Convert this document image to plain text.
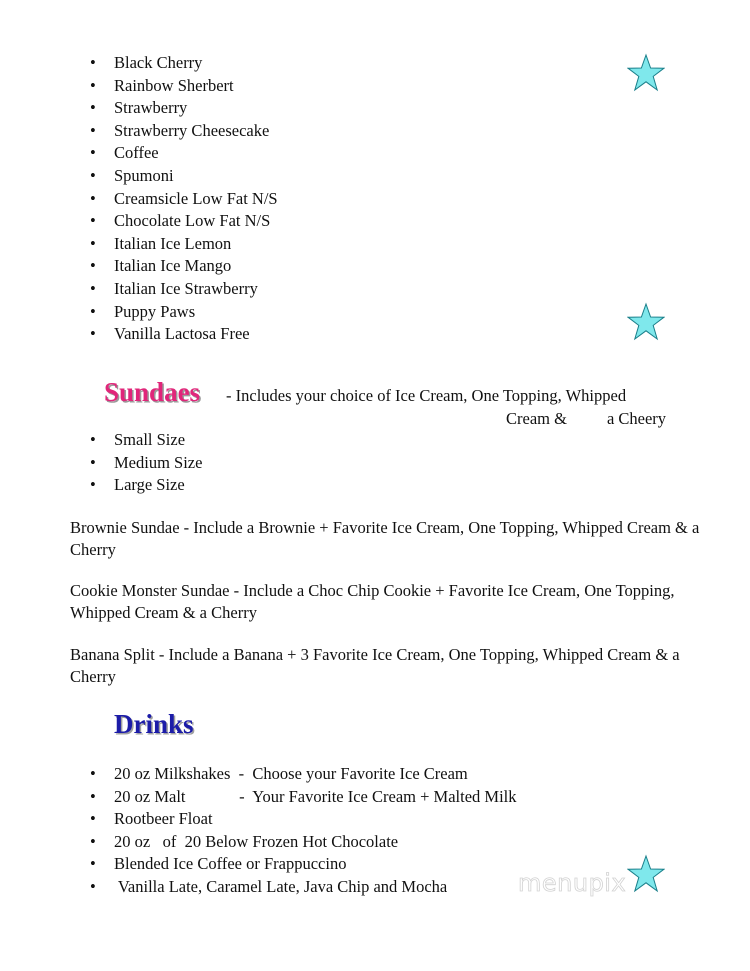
• Black Cherry
• Rainbow Sherbert
• Strawberry
• Strawberry Cheesecake
• Coffee
• Spumoni
• Creamsicle Low Fat N/S
• Chocolate Low Fat N/S
• Italian Ice Lemon
• Italian Ice Mango
• Italian Ice Strawberry
• Puppy Paws
• Vanilla Lactosa Free
Sundaes - Includes your choice of Ice Cream, One Topping, Whipped
Cream & a Cheery
• Small Size
• Medium Size
• Large Size

Brownie Sundae - Include a Brownie + Favorite Ice Cream, One Topping, Whipped Cream & a Cherry

Cookie Monster Sundae - Include a Choc Chip Cookie + Favorite Ice Cream, One Topping, Whipped Cream & a Cherry

Banana Split - Include a Banana + 3 Favorite Ice Cream, One Topping, Whipped Cream & a Cherry

Drinks
• 20 oz Milkshakes  -  Choose your Favorite Ice Cream
• 20 oz Malt             -  Your Favorite Ice Cream + Malted Milk
• Rootbeer Float
• 20 oz   of  20 Below Frozen Hot Chocolate
• Blended Ice Coffee or Frappuccino
•  Vanilla Late, Caramel Late, Java Chip and Mocha	menupix
